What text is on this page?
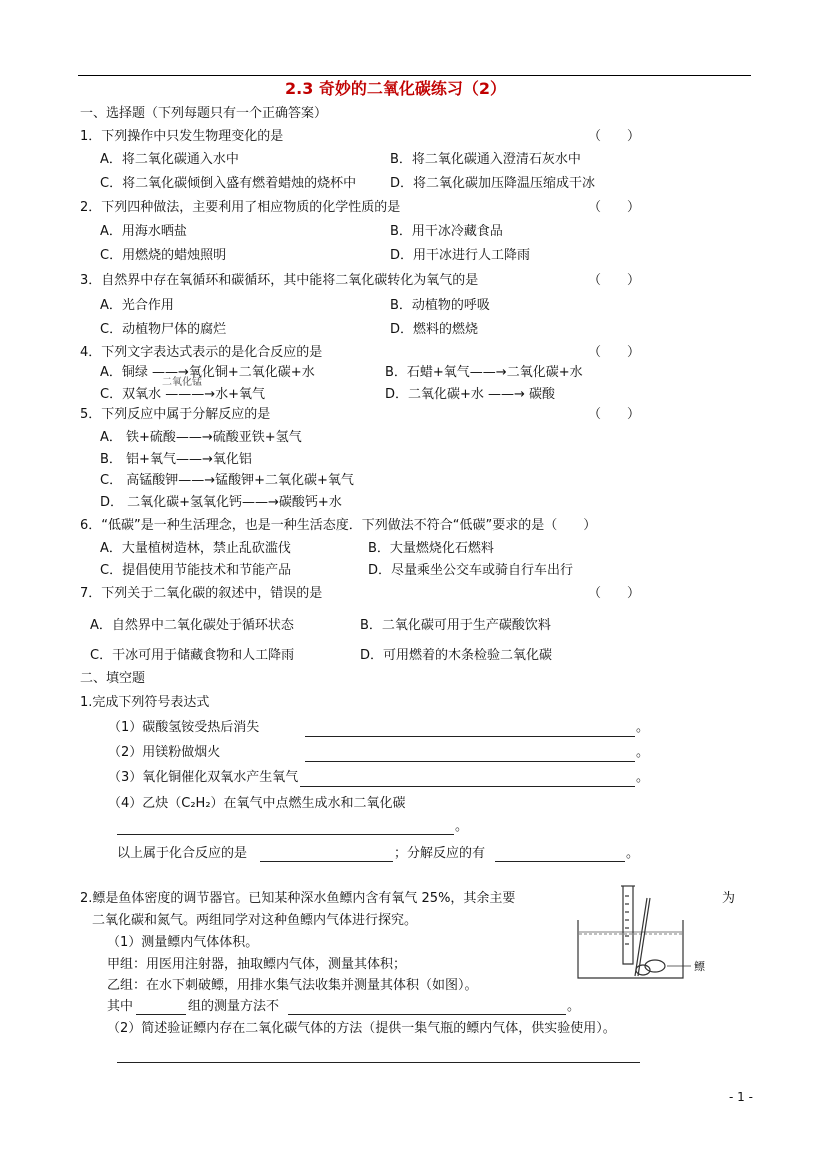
2.3 奇妙的二氧化碳练习（2）
一、选择题（下列每题只有一个正确答案）
1．下列操作中只发生物理变化的是	（　　）
A．将二氧化碳通入水中	B．将二氧化碳通入澄清石灰水中
C．将二氧化碳倾倒入盛有燃着蜡烛的烧杯中	D．将二氧化碳加压降温压缩成干冰
2．下列四种做法，主要利用了相应物质的化学性质的是	（　　）
A．用海水晒盐	B．用干冰冷藏食品
C．用燃烧的蜡烛照明	D．用干冰进行人工降雨
3．自然界中存在氧循环和碳循环，其中能将二氧化碳转化为氧气的是	（　　）
A．光合作用	B．动植物的呼吸
C．动植物尸体的腐烂	D．燃料的燃烧
4．下列文字表达式表示的是化合反应的是	（　　）
A．铜绿 ——→氧化铜+二氧化碳+水	B．石蜡+氧气——→二氧化碳+水
二氧化锰
C．双氧水 ———→水+氧气	D．二氧化碳+水 ——→ 碳酸
5．下列反应中属于分解反应的是	（　　）
A． 铁+硫酸——→硫酸亚铁+氢气
B． 铝+氧气——→氧化铝
C． 高锰酸钾——→锰酸钾+二氧化碳+氧气
D． 二氧化碳+氢氧化钙——→碳酸钙+水
6．“低碳”是一种生活理念，也是一种生活态度．下列做法不符合“低碳”要求的是（　　）
A．大量植树造林，禁止乱砍滥伐	B．大量燃烧化石燃料
C．提倡使用节能技术和节能产品	D．尽量乘坐公交车或骑自行车出行
7．下列关于二氧化碳的叙述中，错误的是	（　　）
A．自然界中二氧化碳处于循环状态	B．二氧化碳可用于生产碳酸饮料
C．干冰可用于储藏食物和人工降雨	D．可用燃着的木条检验二氧化碳
二、填空题
1.完成下列符号表达式
（1）碳酸氢铵受热后消失	。
（2）用镁粉做烟火	。
（3）氧化铜催化双氧水产生氧气	。
（4）乙炔（C₂H₂）在氧气中点燃生成水和二氧化碳
。
以上属于化合反应的是	；分解反应的有	。
2.鳔是鱼体密度的调节器官。已知某种深水鱼鳔内含有氧气 25%，其余主要	为
二氧化碳和氮气。两组同学对这种鱼鳔内气体进行探究。
（1）测量鳔内气体体积。
甲组：用医用注射器，抽取鳔内气体，测量其体积；
乙组：在水下刺破鳔，用排水集气法收集并测量其体积（如图）。
其中	组的测量方法不	。
（2）简述验证鳔内存在二氧化碳气体的方法（提供一集气瓶的鳔内气体，供实验使用）。
鳔
- 1 -
